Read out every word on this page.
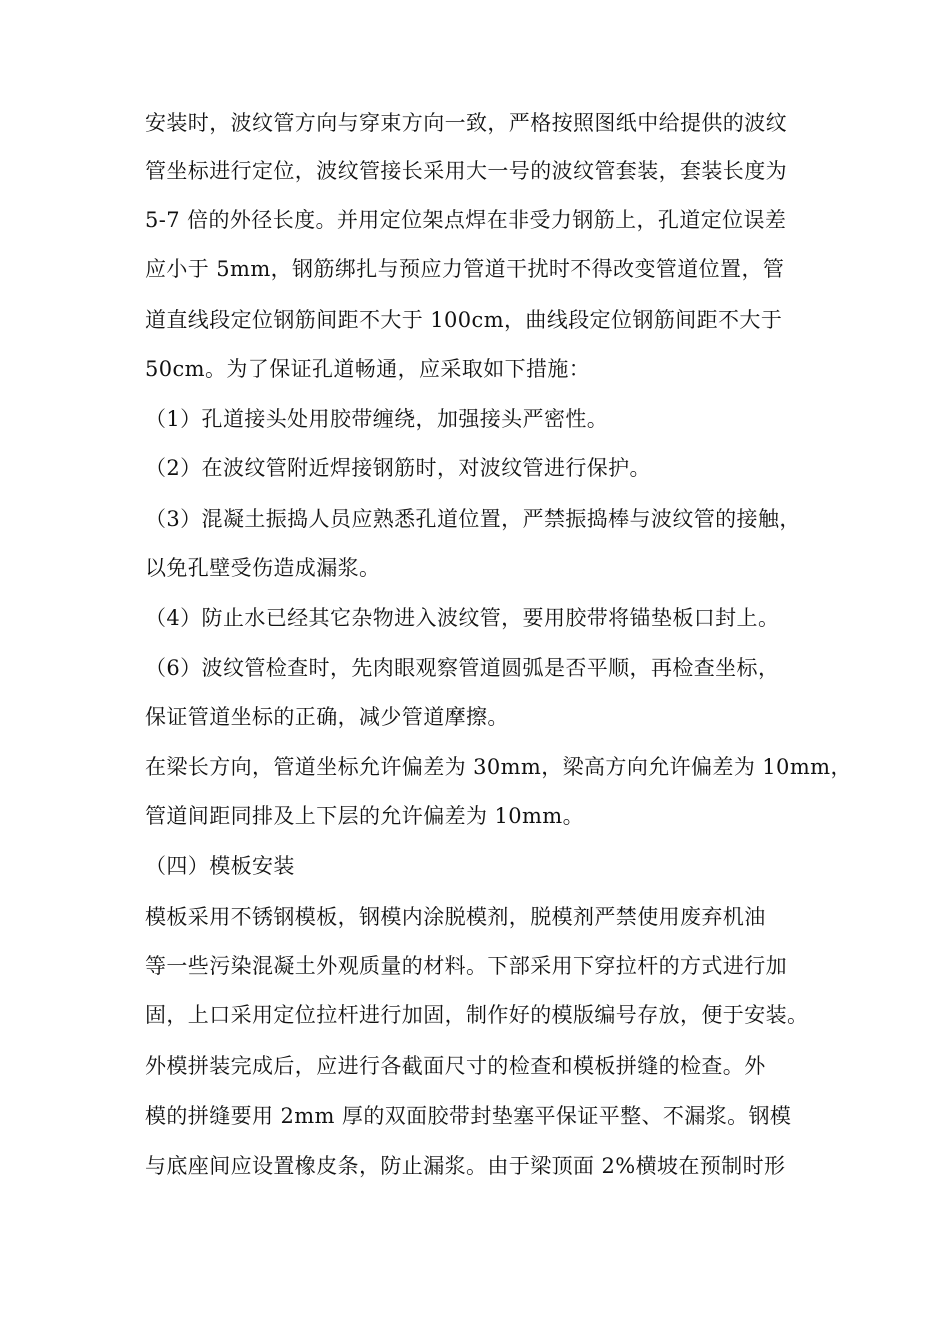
安装时，波纹管方向与穿束方向一致，严格按照图纸中给提供的波纹
管坐标进行定位，波纹管接长采用大一号的波纹管套装，套装长度为
5-7 倍的外径长度。并用定位架点焊在非受力钢筋上，孔道定位误差
应小于 5mm，钢筋绑扎与预应力管道干扰时不得改变管道位置，管
道直线段定位钢筋间距不大于 100cm，曲线段定位钢筋间距不大于
50cm。为了保证孔道畅通，应采取如下措施：
（1）孔道接头处用胶带缠绕，加强接头严密性。
（2）在波纹管附近焊接钢筋时，对波纹管进行保护。
（3）混凝土振捣人员应熟悉孔道位置，严禁振捣棒与波纹管的接触，
以免孔壁受伤造成漏浆。
（4）防止水已经其它杂物进入波纹管，要用胶带将锚垫板口封上。
（6）波纹管检查时，先肉眼观察管道圆弧是否平顺，再检查坐标，
保证管道坐标的正确，减少管道摩擦。
在梁长方向，管道坐标允许偏差为 30mm，梁高方向允许偏差为 10mm，
管道间距同排及上下层的允许偏差为 10mm。
（四）模板安装
模板采用不锈钢模板，钢模内涂脱模剂，脱模剂严禁使用废弃机油
等一些污染混凝土外观质量的材料。下部采用下穿拉杆的方式进行加
固，上口采用定位拉杆进行加固，制作好的模版编号存放，便于安装。
外模拼装完成后，应进行各截面尺寸的检查和模板拼缝的检查。外
模的拼缝要用 2mm 厚的双面胶带封垫塞平保证平整、不漏浆。钢模
与底座间应设置橡皮条，防止漏浆。由于梁顶面 2%横坡在预制时形
